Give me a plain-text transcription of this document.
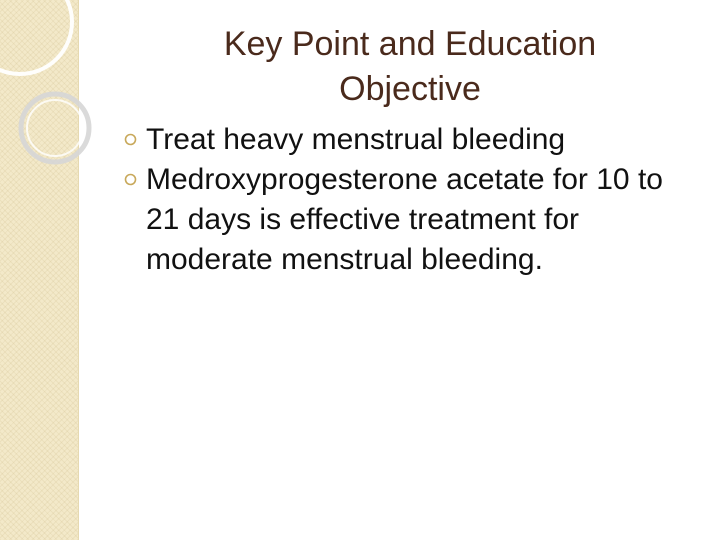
Key Point and Education
Objective
Treat heavy menstrual bleeding
Medroxyprogesterone acetate for 10 to 21 days is effective treatment for moderate menstrual bleeding.
